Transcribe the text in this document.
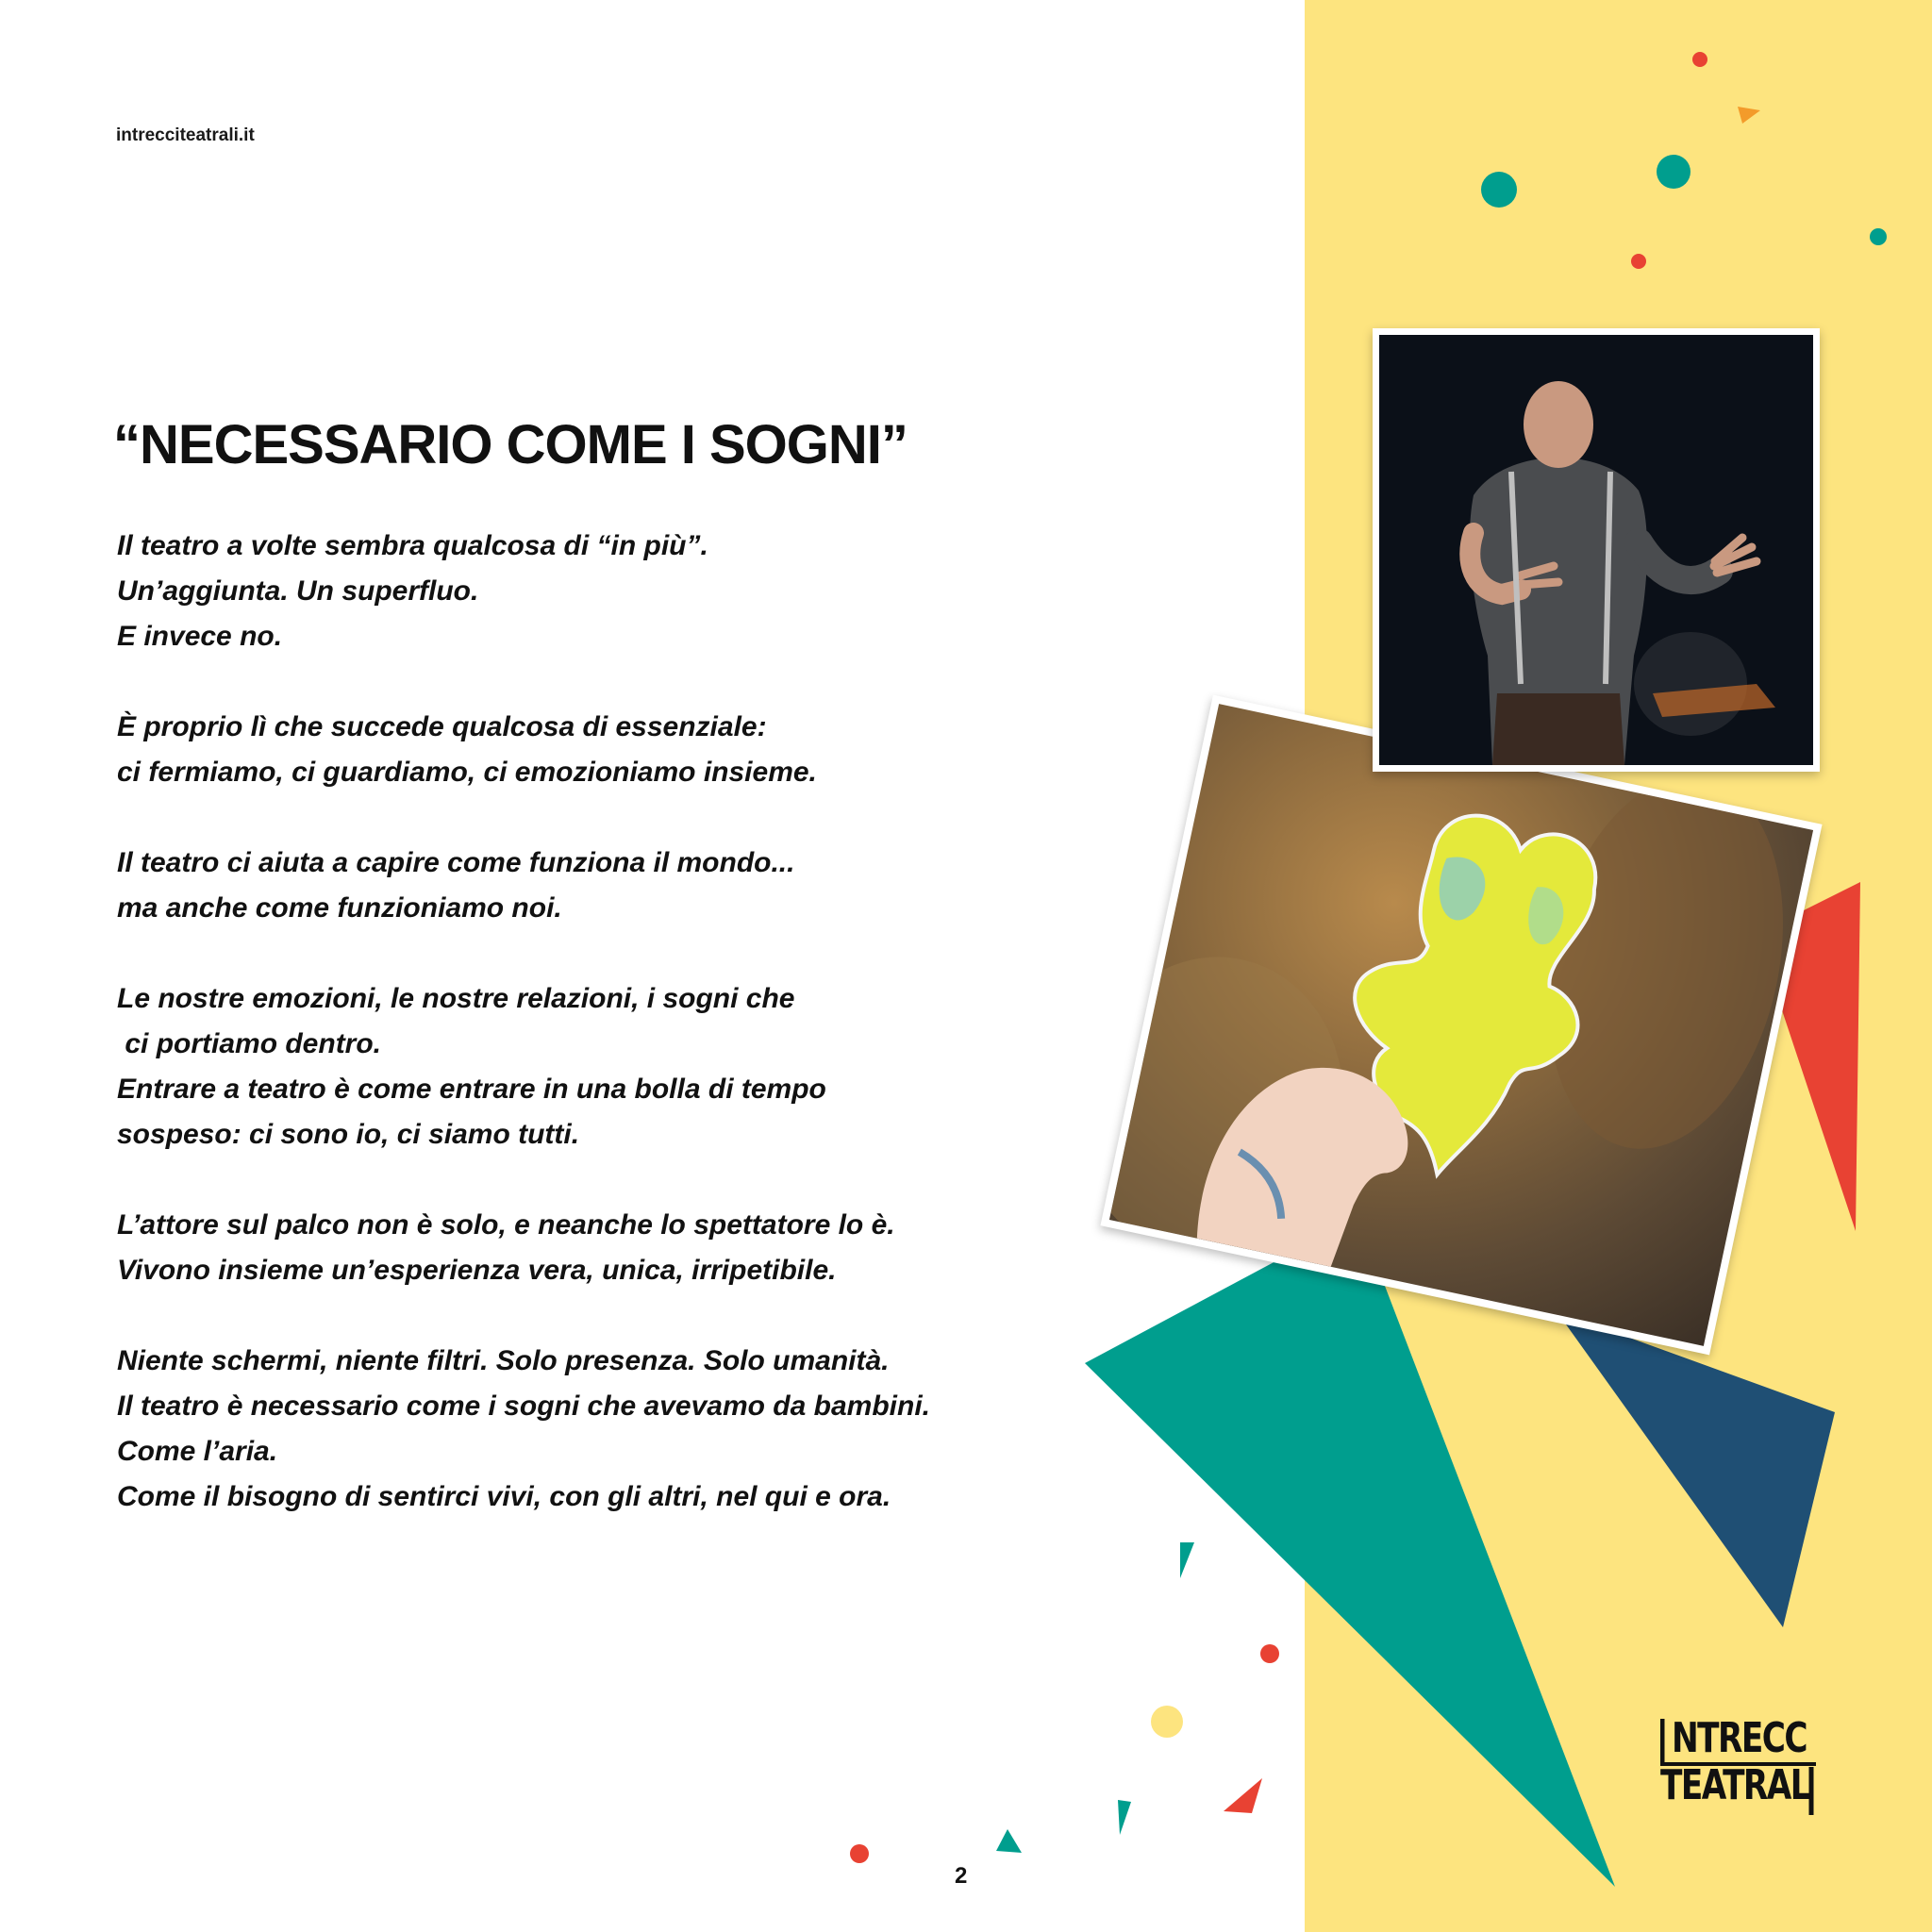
intrecciteatrali.it
“NECESSARIO COME I SOGNI”

Il teatro a volte sembra qualcosa di “in più”.
Un’aggiunta. Un superfluo.
E invece no.

È proprio lì che succede qualcosa di essenziale:
ci fermiamo, ci guardiamo, ci emozioniamo insieme.

Il teatro ci aiuta a capire come funziona il mondo...
ma anche come funzioniamo noi.

Le nostre emozioni, le nostre relazioni, i sogni che
ci portiamo dentro.
Entrare a teatro è come entrare in una bolla di tempo
sospeso: ci sono io, ci siamo tutti.

L’attore sul palco non è solo, e neanche lo spettatore lo è.
Vivono insieme un’esperienza vera, unica, irripetibile.

Niente schermi, niente filtri. Solo presenza. Solo umanità.
Il teatro è necessario come i sogni che avevamo da bambini.
Come l’aria.
Come il bisogno di sentirci vivi, con gli altri, nel qui e ora.

NTRECC
TEATRAL
2
